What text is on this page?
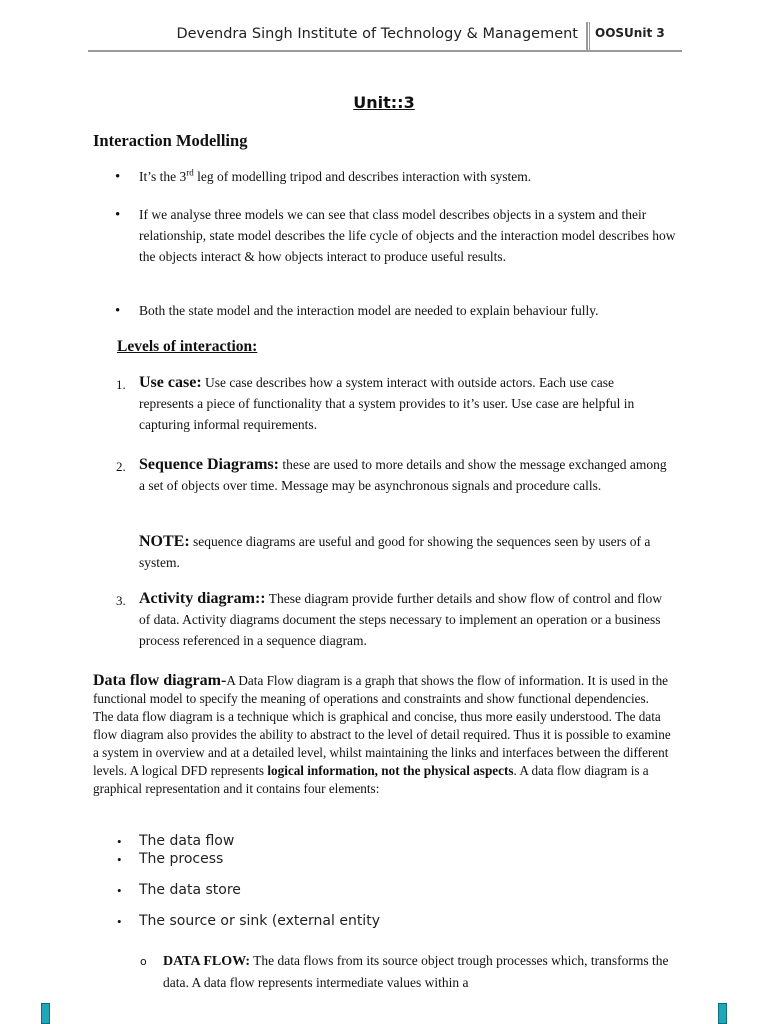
Devendra Singh Institute of Technology & Management OOSUnit 3
Unit::3
Interaction Modelling
• It’s the 3rd leg of modelling tripod and describes interaction with system.
• If we analyse three models we can see that class model describes objects in a system and their relationship, state model describes the life cycle of objects and the interaction model describes how the objects interact & how objects interact to produce useful results.
• Both the state model and the interaction model are needed to explain behaviour fully.
Levels of interaction:
1. Use case: Use case describes how a system interact with outside actors. Each use case represents a piece of functionality that a system provides to it’s user. Use case are helpful in capturing informal requirements.
2. Sequence Diagrams: these are used to more details and show the message exchanged among a set of objects over time. Message may be asynchronous signals and procedure calls.
NOTE: sequence diagrams are useful and good for showing the sequences seen by users of a system.
3. Activity diagram:: These diagram provide further details and show flow of control and flow of data. Activity diagrams document the steps necessary to implement an operation or a business process referenced in a sequence diagram.
Data flow diagram-A Data Flow diagram is a graph that shows the flow of information. It is used in the functional model to specify the meaning of operations and constraints and show functional dependencies. The data flow diagram is a technique which is graphical and concise, thus more easily understood. The data flow diagram also provides the ability to abstract to the level of detail required. Thus it is possible to examine a system in overview and at a detailed level, whilst maintaining the links and interfaces between the different levels. A logical DFD represents logical information, not the physical aspects. A data flow diagram is a graphical representation and it contains four elements:
• The data flow
• The process
• The data store
• The source or sink (external entity
o DATA FLOW: The data flows from its source object trough processes which, transforms the data. A data flow represents intermediate values within a
